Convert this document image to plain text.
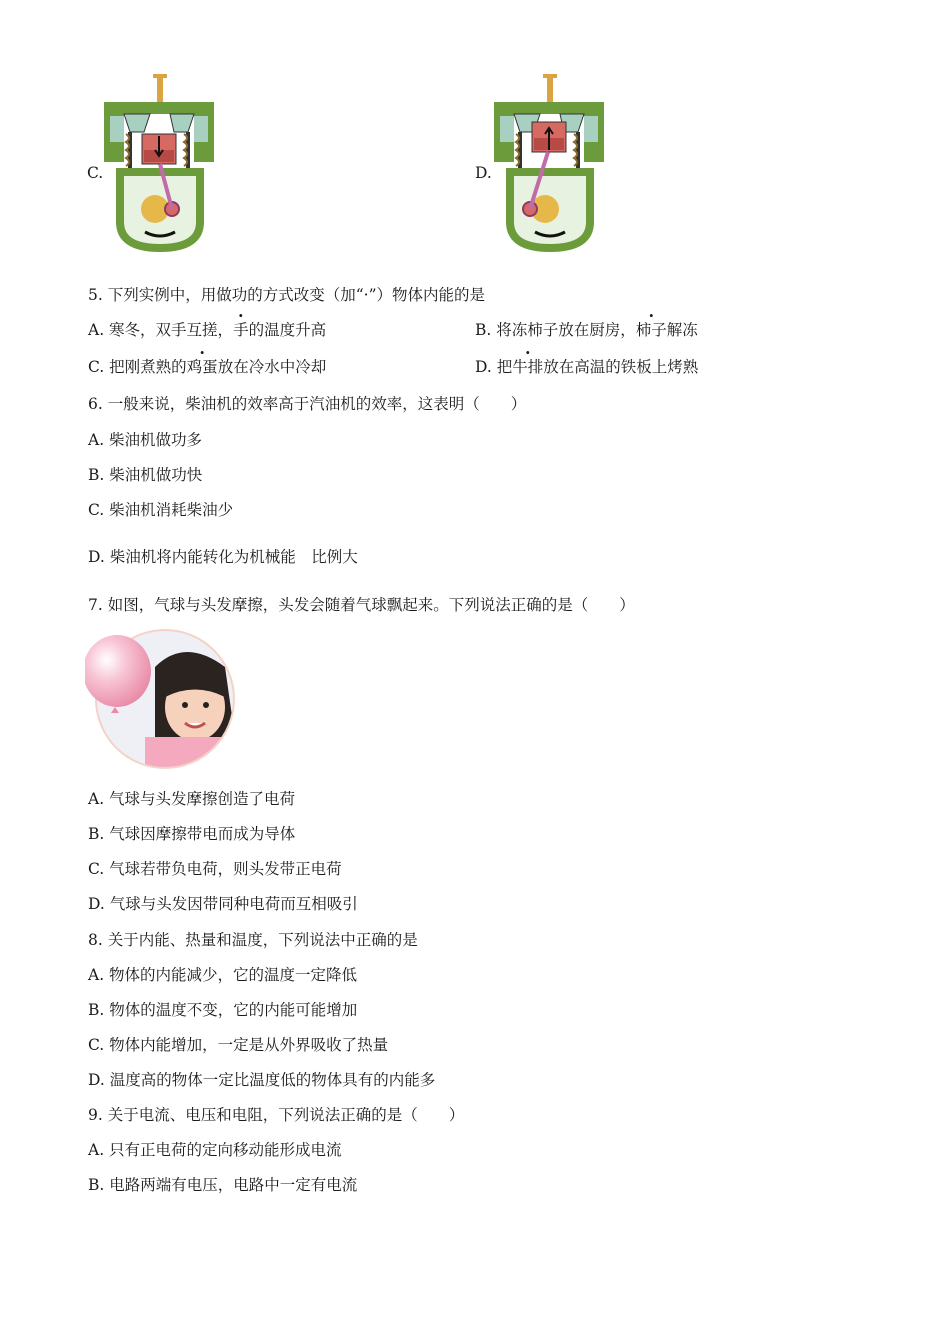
C.	D.
5. 下列实例中，用做功的方式改变（加“·”）物体内能的是
A. 寒冬，双手互搓，手的温度升高	B. 将冻柿子放在厨房，柿子解冻
C. 把刚煮熟的鸡蛋放在冷水中冷却	D. 把牛排放在高温的铁板上烤熟
6. 一般来说，柴油机的效率高于汽油机的效率，这表明（　　）
A. 柴油机做功多
B. 柴油机做功快
C. 柴油机消耗柴油少
D. 柴油机将内能转化为机械能　比例大
7. 如图，气球与头发摩擦，头发会随着气球飘起来。下列说法正确的是（　　）
A. 气球与头发摩擦创造了电荷
B. 气球因摩擦带电而成为导体
C. 气球若带负电荷，则头发带正电荷
D. 气球与头发因带同种电荷而互相吸引
8. 关于内能、热量和温度，下列说法中正确的是
A. 物体的内能减少，它的温度一定降低
B. 物体的温度不变，它的内能可能增加
C. 物体内能增加，一定是从外界吸收了热量
D. 温度高的物体一定比温度低的物体具有的内能多
9. 关于电流、电压和电阻，下列说法正确的是（　　）
A. 只有正电荷的定向移动能形成电流
B. 电路两端有电压，电路中一定有电流
